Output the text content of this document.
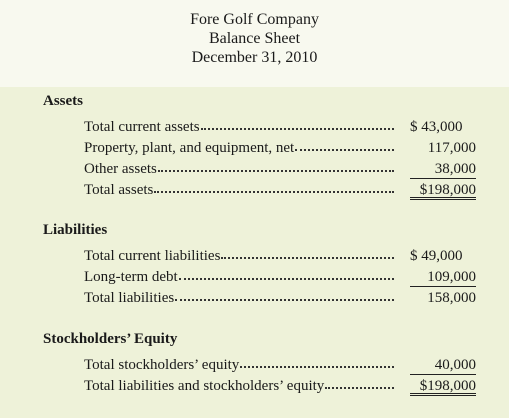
Fore Golf Company
Balance Sheet
December 31, 2010
Assets
Total current assets	$ 43,000
Property, plant, and equipment, net	117,000
Other assets	38,000
Total assets	$198,000
Liabilities
Total current liabilities	$ 49,000
Long-term debt	109,000
Total liabilities	158,000
Stockholders’ Equity
Total stockholders’ equity	40,000
Total liabilities and stockholders’ equity	$198,000
